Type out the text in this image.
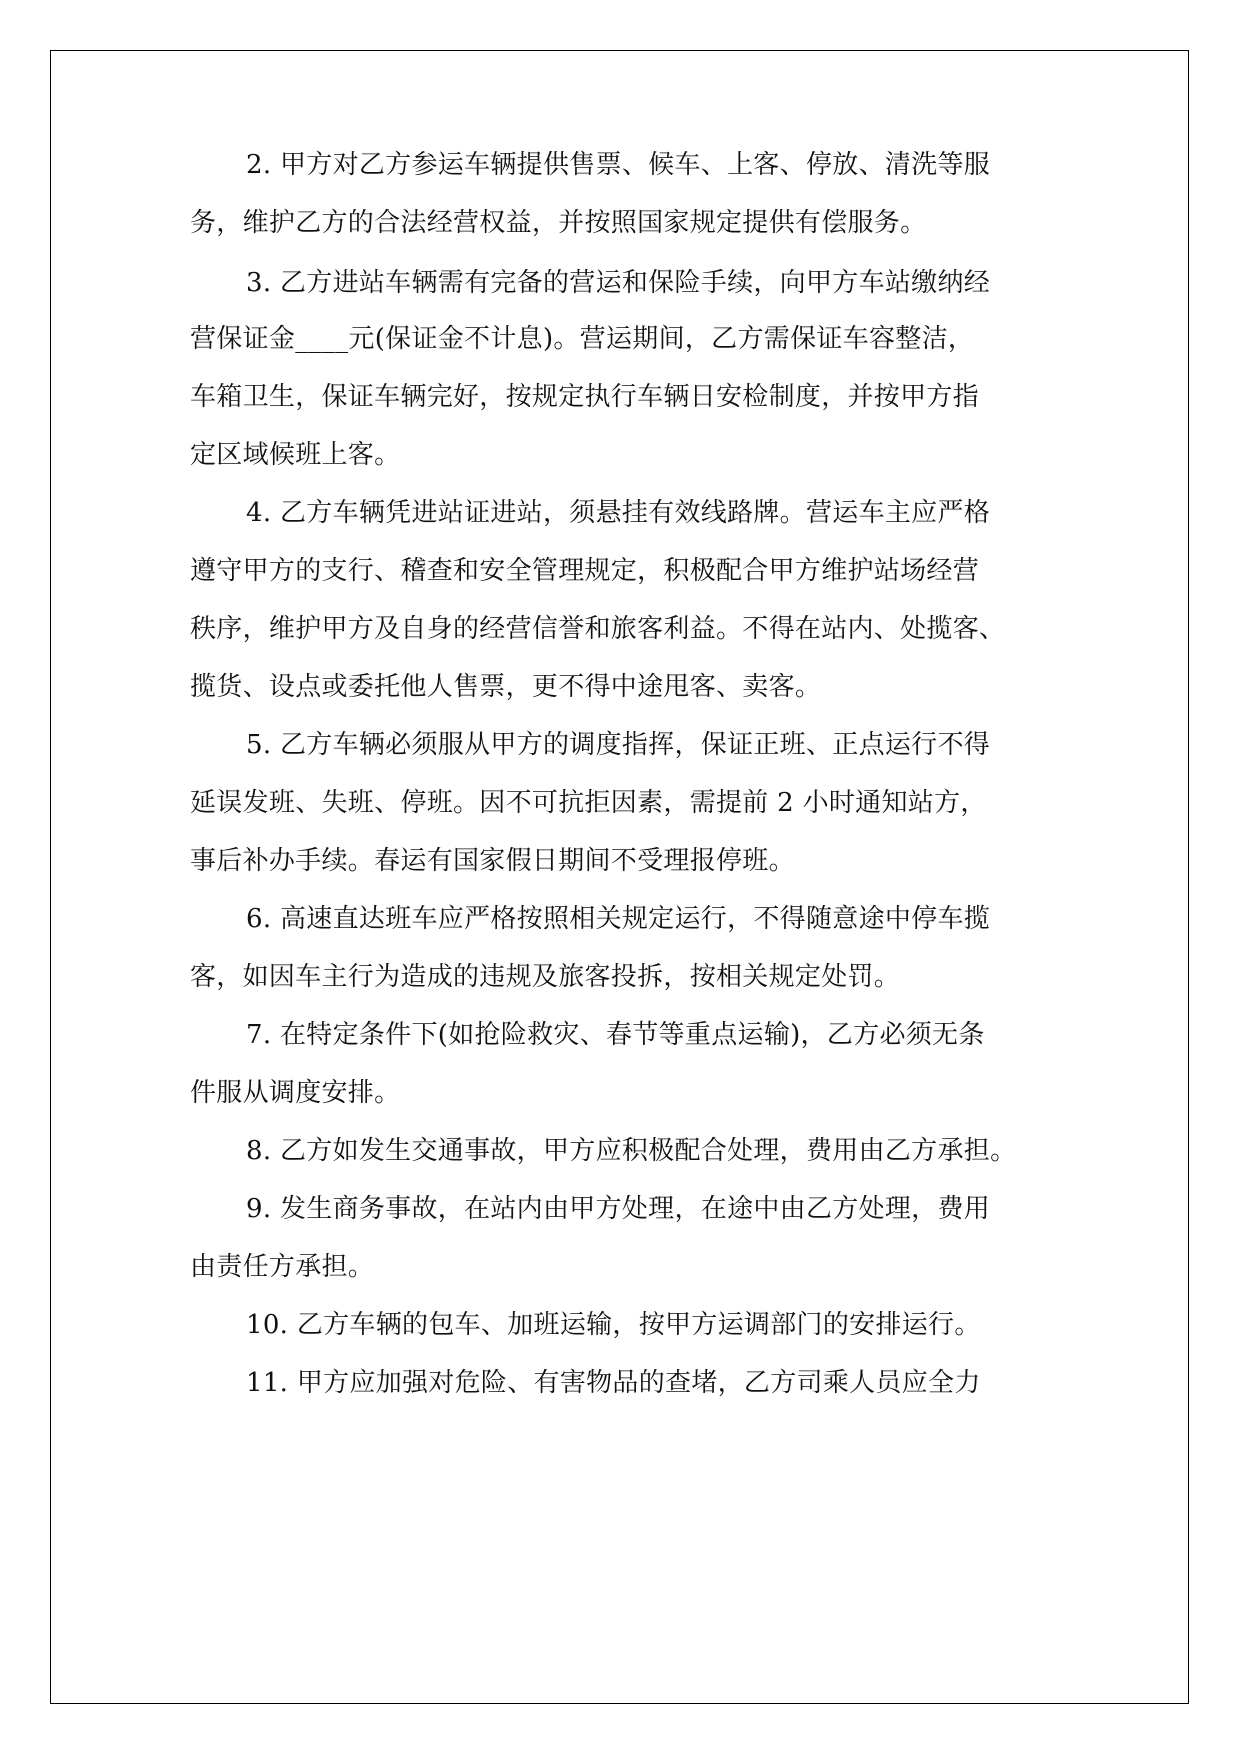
2. 甲方对乙方参运车辆提供售票、候车、上客、停放、清洗等服
务，维护乙方的合法经营权益，并按照国家规定提供有偿服务。
3. 乙方进站车辆需有完备的营运和保险手续，向甲方车站缴纳经
营保证金____元(保证金不计息)。营运期间，乙方需保证车容整洁，
车箱卫生，保证车辆完好，按规定执行车辆日安检制度，并按甲方指
定区域候班上客。
4. 乙方车辆凭进站证进站，须悬挂有效线路牌。营运车主应严格
遵守甲方的支行、稽查和安全管理规定，积极配合甲方维护站场经营
秩序，维护甲方及自身的经营信誉和旅客利益。不得在站内、处揽客、
揽货、设点或委托他人售票，更不得中途甩客、卖客。
5. 乙方车辆必须服从甲方的调度指挥，保证正班、正点运行不得
延误发班、失班、停班。因不可抗拒因素，需提前 2 小时通知站方，
事后补办手续。春运有国家假日期间不受理报停班。
6. 高速直达班车应严格按照相关规定运行，不得随意途中停车揽
客，如因车主行为造成的违规及旅客投拆，按相关规定处罚。
7. 在特定条件下(如抢险救灾、春节等重点运输)，乙方必须无条
件服从调度安排。
8. 乙方如发生交通事故，甲方应积极配合处理，费用由乙方承担。
9. 发生商务事故，在站内由甲方处理，在途中由乙方处理，费用
由责任方承担。
10. 乙方车辆的包车、加班运输，按甲方运调部门的安排运行。
11. 甲方应加强对危险、有害物品的查堵，乙方司乘人员应全力
